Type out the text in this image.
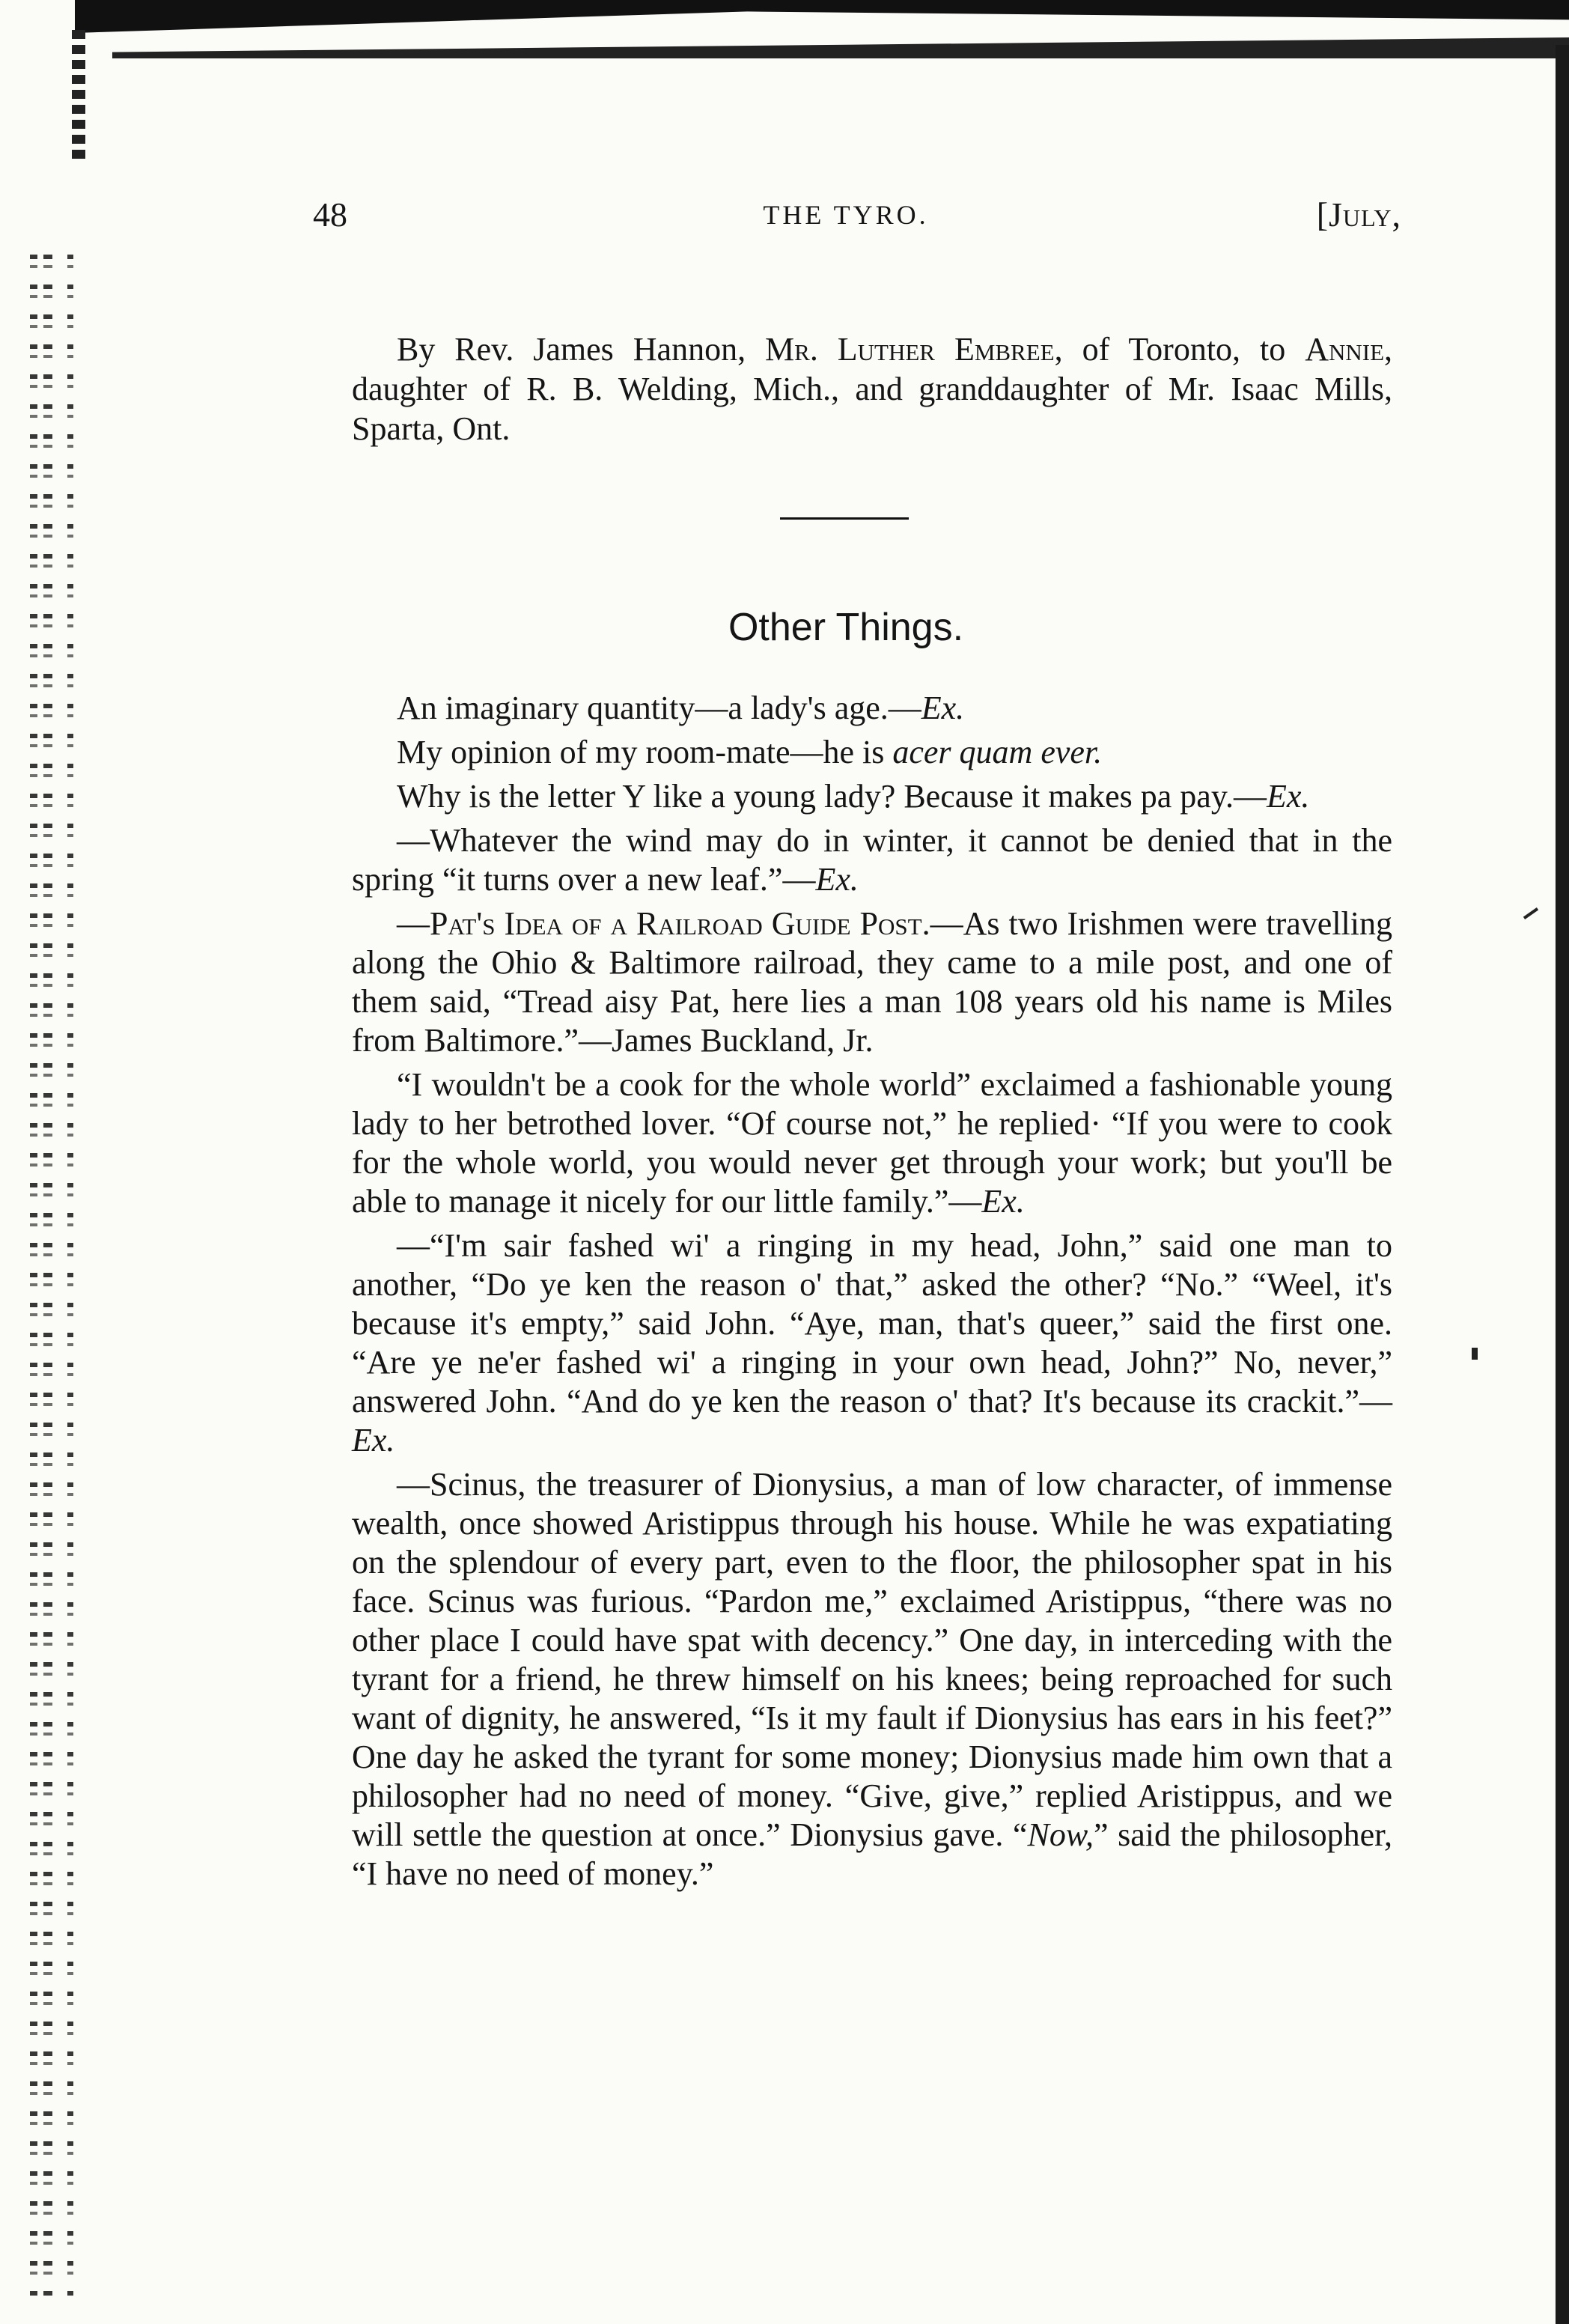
48	THE TYRO.	[July,
By Rev. James Hannon, Mr. Luther Embree, of Toronto, to Annie, daughter of R. B. Welding, Mich., and granddaughter of Mr. Isaac Mills, Sparta, Ont.
Other Things.

An imaginary quantity—a lady's age.—Ex.

My opinion of my room-mate—he is acer quam ever.

Why is the letter Y like a young lady? Because it makes pa pay.—Ex.

—Whatever the wind may do in winter, it cannot be denied that in the spring “it turns over a new leaf.”—Ex.

—Pat's Idea of a Railroad Guide Post.—As two Irishmen were travelling along the Ohio & Baltimore railroad, they came to a mile post, and one of them said, “Tread aisy Pat, here lies a man 108 years old his name is Miles from Baltimore.”—James Buckland, Jr.

“I wouldn't be a cook for the whole world” exclaimed a fashionable young lady to her betrothed lover. “Of course not,” he replied· “If you were to cook for the whole world, you would never get through your work; but you'll be able to manage it nicely for our little family.”—Ex.

—“I'm sair fashed wi' a ringing in my head, John,” said one man to another, “Do ye ken the reason o' that,” asked the other? “No.” “Weel, it's because it's empty,” said John. “Aye, man, that's queer,” said the first one. “Are ye ne'er fashed wi' a ringing in your own head, John?” No, never,” answered John. “And do ye ken the reason o' that? It's because its crackit.”—Ex.

—Scinus, the treasurer of Dionysius, a man of low character, of immense wealth, once showed Aristippus through his house. While he was expatiating on the splendour of every part, even to the floor, the philosopher spat in his face. Scinus was furious. “Pardon me,” exclaimed Aristippus, “there was no other place I could have spat with decency.” One day, in interceding with the tyrant for a friend, he threw himself on his knees; being reproached for such want of dignity, he answered, “Is it my fault if Dionysius has ears in his feet?” One day he asked the tyrant for some money; Dionysius made him own that a philosopher had no need of money. “Give, give,” replied Aristippus, and we will settle the question at once.” Dionysius gave. “Now,” said the philosopher, “I have no need of money.”
